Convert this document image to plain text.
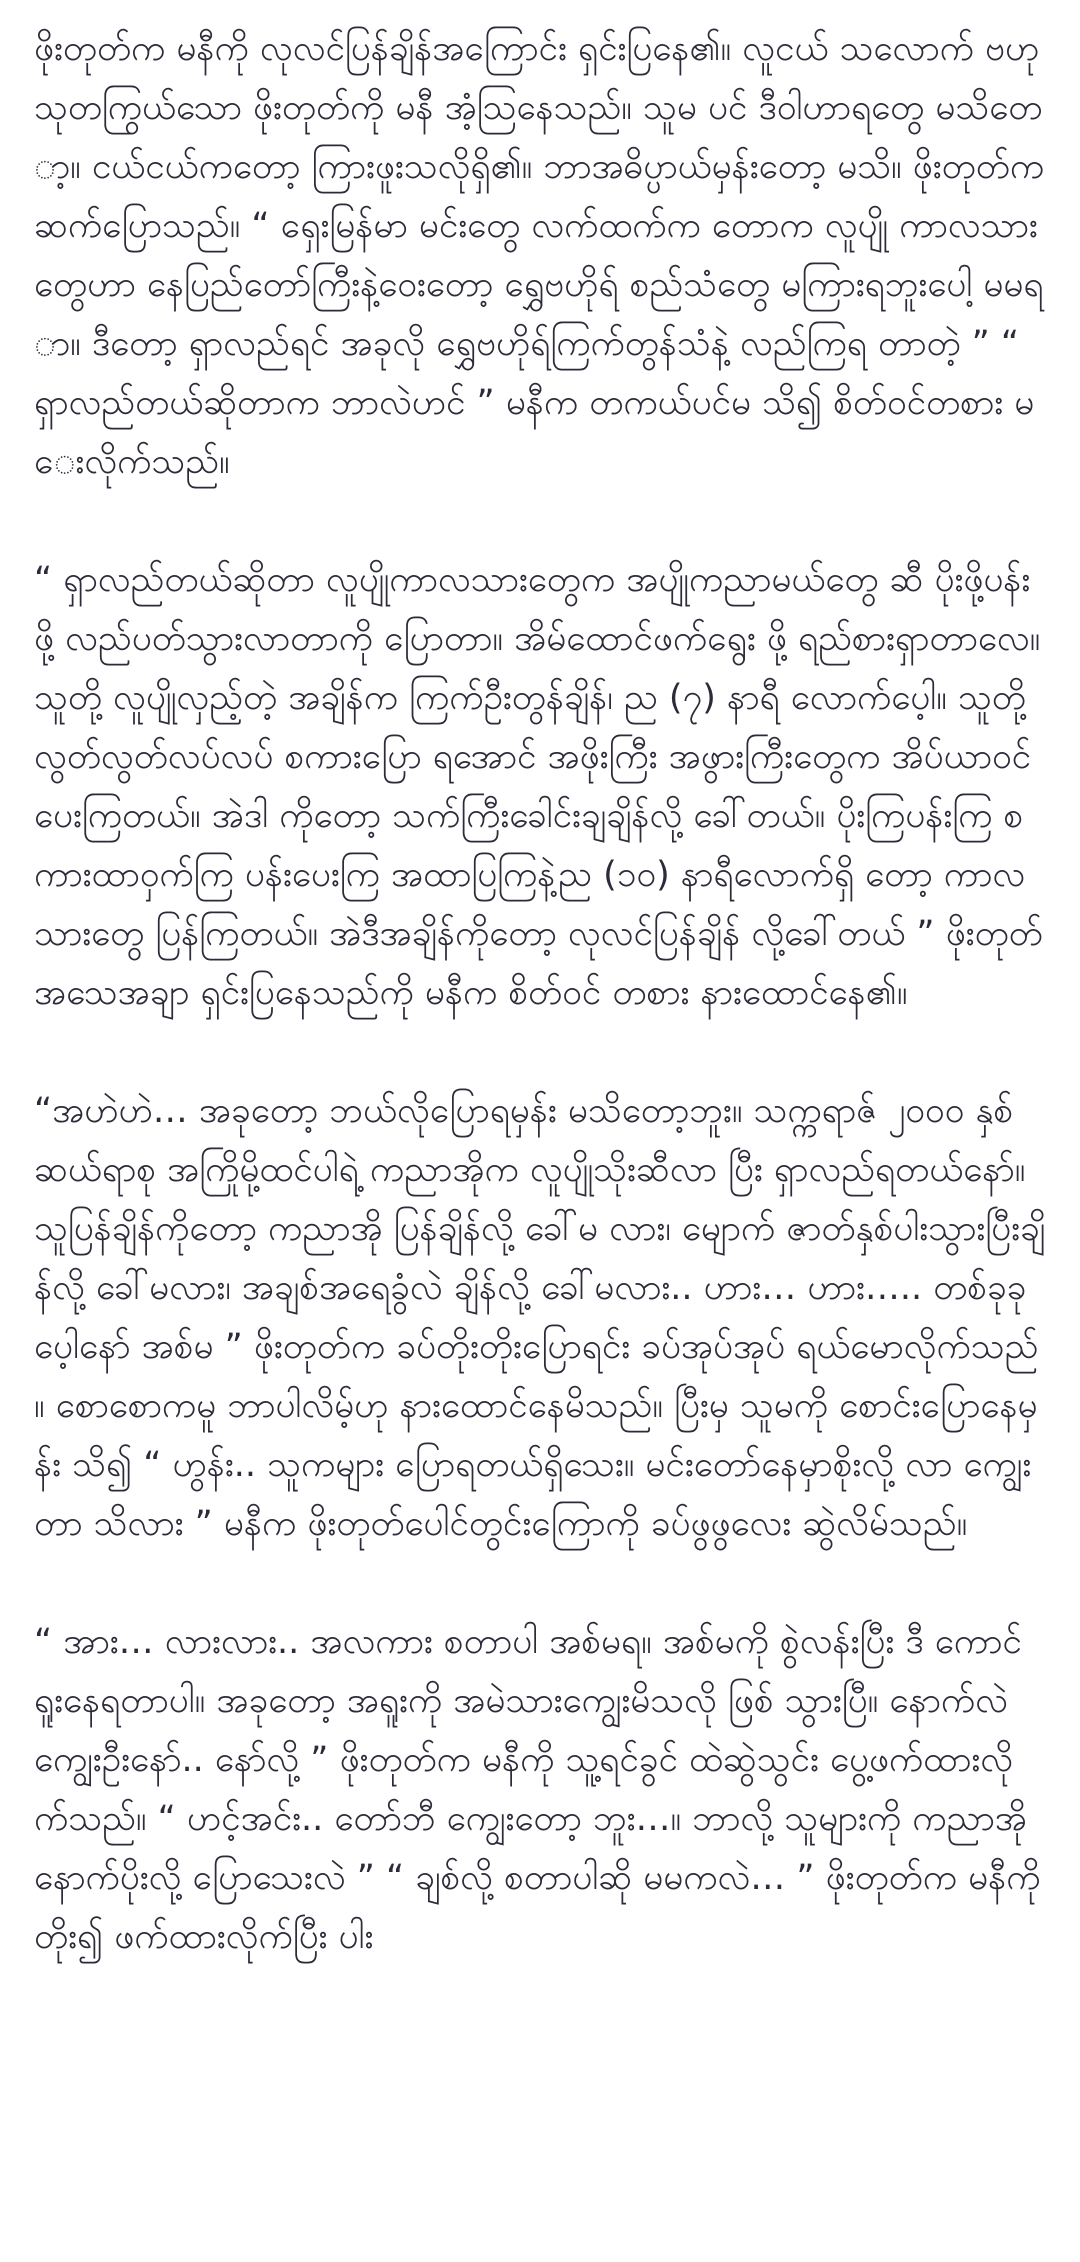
ဖိုးတုတ်က မနီကို လုလင်ပြန်ချိန်အကြောင်း ရှင်းပြနေ၏။ လူငယ် သလောက် ဗဟုသုတကြွယ်သော ဖိုးတုတ်ကို မနီ အံ့သြနေသည်။ သူမ ပင် ဒီဝါဟာရတွေ မသိတော့။ ငယ်ငယ်ကတော့ ကြားဖူးသလိုရှိ၏။ ဘာအဓိပ္ပာယ်မှန်းတော့ မသိ။ ဖိုးတုတ်က ဆက်ပြောသည်။ “ ရှေးမြန်မာ မင်းတွေ လက်ထက်က တောက လူပျို ကာလသားတွေဟာ နေပြည်တော်ကြီးနဲ့ဝေးတော့ ရွှေဗဟိုရ် စည်သံတွေ မကြားရဘူးပေါ့ မမရာ။ ဒီတော့ ရှာလည်ရင် အခုလို ရွှေဗဟိုရ်ကြက်တွန်သံနဲ့ လည်ကြရ တာတဲ့ ” “ ရှာလည်တယ်ဆိုတာက ဘာလဲဟင် ” မနီက တကယ်ပင်မ သိ၍ စိတ်ဝင်တစား မေးလိုက်သည်။

“ ရှာလည်တယ်ဆိုတာ လူပျိုကာလသားတွေက အပျိုကညာမယ်တွေ ဆီ ပိုးဖို့ပန်းဖို့ လည်ပတ်သွားလာတာကို ပြောတာ။ အိမ်ထောင်ဖက်ရွေး ဖို့ ရည်စားရှာတာလေ။ သူတို့ လူပျိုလှည့်တဲ့ အချိန်က ကြက်ဦးတွန်ချိန်၊ ည (၇) နာရီ လောက်ပေ့ါ။ သူတို့ လွတ်လွတ်လပ်လပ် စကားပြော ရအောင် အဖိုးကြီး အဖွားကြီးတွေက အိပ်ယာဝင်ပေးကြတယ်။ အဲဒါ ကိုတော့ သက်ကြီးခေါင်းချချိန်လို့ ခေါ်တယ်။ ပိုးကြပန်းကြ စကားထာဝှက်ကြ ပန်းပေးကြ အထာပြကြနဲ့ည (၁၀) နာရီလောက်ရှိ တော့ ကာလသားတွေ ပြန်ကြတယ်။ အဲဒီအချိန်ကိုတော့ လုလင်ပြန်ချိန် လို့ခေါ်တယ် ” ဖိုးတုတ် အသေအချာ ရှင်းပြနေသည်ကို မနီက စိတ်ဝင် တစား နားထောင်နေ၏။

“အဟဲဟဲ… အခုတော့ ဘယ်လိုပြောရမှန်း မသိတော့ဘူး။ သက္ကရာဇ် ၂၀၀၀ နှစ် ဆယ်ရာစု အကြိုမို့ထင်ပါရဲ့ ကညာအိုက လူပျိုသိုးဆီလာ ပြီး ရှာလည်ရတယ်နော်။ သူပြန်ချိန်ကိုတော့ ကညာအို ပြန်ချိန်လို့ ခေါ်မ လား၊ မျောက် ဇာတ်နှစ်ပါးသွားပြီးချိန်လို့ ခေါ်မလား၊ အချစ်အရေခွံလဲ ချိန်လို့ ခေါ်မလား.. ဟား… ဟား….. တစ်ခုခုပေ့ါနော် အစ်မ ” ဖိုးတုတ်က ခပ်တိုးတိုးပြောရင်း ခပ်အုပ်အုပ် ရယ်မောလိုက်သည်။ စောစောကမူ ဘာပါလိမ့်ဟု နားထောင်နေမိသည်။ ပြီးမှ သူမကို စောင်းပြောနေမှန်း သိ၍ “ ဟွန်း.. သူကများ ပြောရတယ်ရှိသေး။ မင်းတော်နေမှာစိုးလို့ လာ ကျွေးတာ သိလား ” မနီက ဖိုးတုတ်ပေါင်တွင်းကြောကို ခပ်ဖွဖွလေး ဆွဲလိမ်သည်။

“ အား… လားလား.. အလကား စတာပါ အစ်မရ။ အစ်မကို စွဲလန်းပြီး ဒီ ကောင် ရူးနေရတာပါ။ အခုတော့ အရူးကို အမဲသားကျွေးမိသလို ဖြစ် သွားပြီ။ နောက်လဲ ကျွေးဦးနော်.. နော်လို့ ” ဖိုးတုတ်က မနီကို သူ့ရင်ခွင် ထဲဆွဲသွင်း ပွေ့ဖက်ထားလိုက်သည်။ “ ဟင့်အင်း.. တော်ဘီ ကျွေးတော့ ဘူး…။ ဘာလို့ သူများကို ကညာအို နောက်ပိုးလို့ ပြောသေးလဲ ” “ ချစ်လို့ စတာပါဆို မမကလဲ… ” ဖိုးတုတ်က မနီကို တိုး၍ ဖက်ထားလိုက်ပြီး ပါး
